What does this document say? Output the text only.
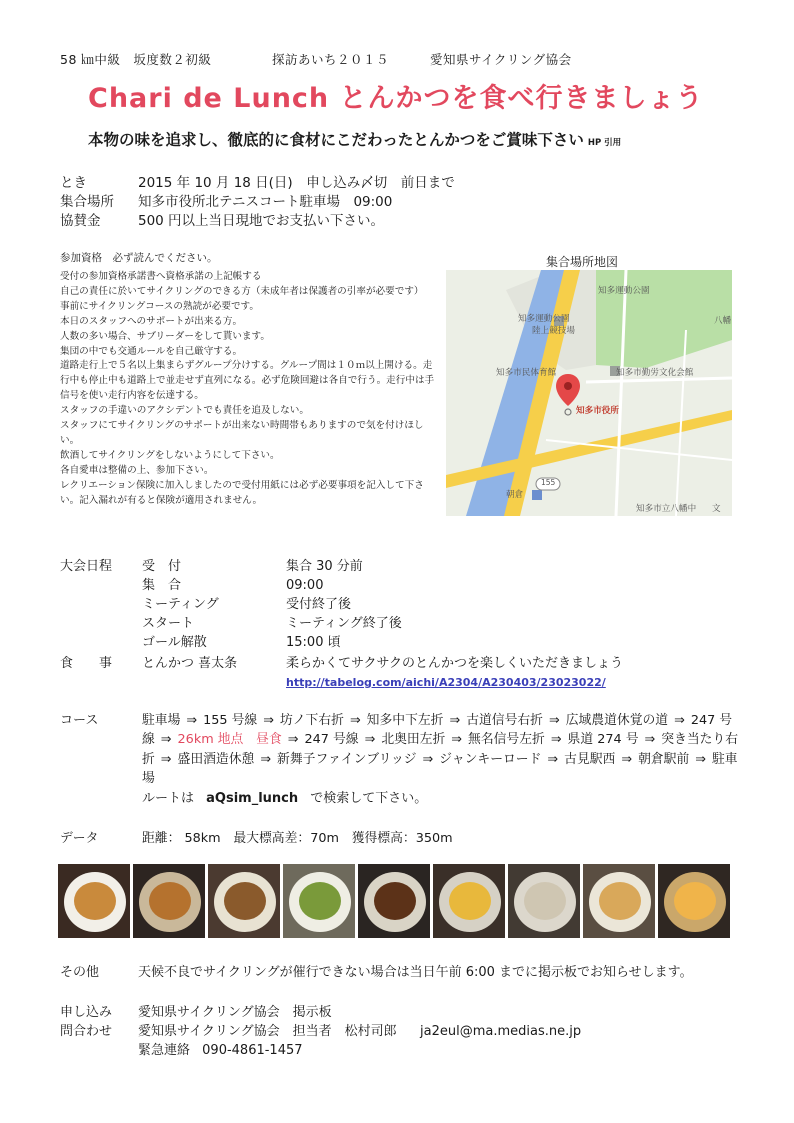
58 ㎞中級　坂度数２初級	探訪あいち２０１５	愛知県サイクリング協会
Chari de Lunch とんかつを食べ行きましょう
本物の味を追求し、徹底的に食材にこだわったとんかつをご賞味下さい HP 引用
とき	2015 年 10 月 18 日(日)　申し込み〆切　前日まで
集合場所 知多市役所北テニスコート駐車場　09:00
協賛金	500 円以上当日現地でお支払い下さい。
参加資格　必ず読んでください。
受付の参加資格承諾書へ資格承諾の上記帳する
自己の責任に於いてサイクリングのできる方（未成年者は保護者の引率が必要です）
事前にサイクリングコースの熟読が必要です。
本日のスタッフへのサポートが出来る方。
人数の多い場合、サブリーダーをして貰います。
集団の中でも交通ルールを自己厳守する。
道路走行上で５名以上集まらずグループ分けする。グループ間は１０ｍ以上開ける。走行中も停止中も道路上で並走せず直列になる。必ず危険回避は各自で行う。走行中は手信号を使い走行内容を伝達する。
スタッフの手違いのアクシデントでも責任を追及しない。
スタッフにてサイクリングのサポートが出来ない時間帯もありますので気を付けほしい。
飲酒してサイクリングをしないようにして下さい。
各自愛車は整備の上、参加下さい。
レクリエーション保険に加入しましたので受付用紙には必ず必要事項を記入して下さい。記入漏れが有ると保険が適用されません。
集合場所地図
知多運動公園
知多運動公園
陸上競技場
知多市民体育館	知多市勤労文化会館
知多市役所
朝倉
155
知多市立八幡中 文
八幡
大会日程 受　付	集合 30 分前
集　合	09:00
ミーティング	受付終了後
スタート	ミーティング終了後
ゴール解散	15:00 頃
食　　事 とんかつ 喜太条	柔らかくてサクサクのとんかつを楽しくいただきましょう
http://tabelog.com/aichi/A2304/A230403/23023022/
コース	駐車場 ⇒ 155 号線 ⇒ 坊ノ下右折 ⇒ 知多中下左折 ⇒ 古道信号右折 ⇒ 広域農道休覚の道 ⇒ 247 号線 ⇒ 26km 地点　昼食 ⇒ 247 号線 ⇒ 北奥田左折 ⇒ 無名信号左折 ⇒ 県道 274 号 ⇒ 突き当たり右折 ⇒ 盛田酒造休憩 ⇒ 新舞子ファインブリッジ ⇒ ジャンキーロード ⇒ 古見駅西 ⇒ 朝倉駅前 ⇒ 駐車場
ルートは aQsim_lunch で検索して下さい。
データ	距離： 58km　最大標高差：70m　獲得標高：350m
その他	天候不良でサイクリングが催行できない場合は当日午前 6:00 までに掲示板でお知らせします。
申し込み 愛知県サイクリング協会　掲示板
問合わせ 愛知県サイクリング協会　担当者　松村司郎 ja2eul@ma.medias.ne.jp
緊急連絡 090-4861-1457
